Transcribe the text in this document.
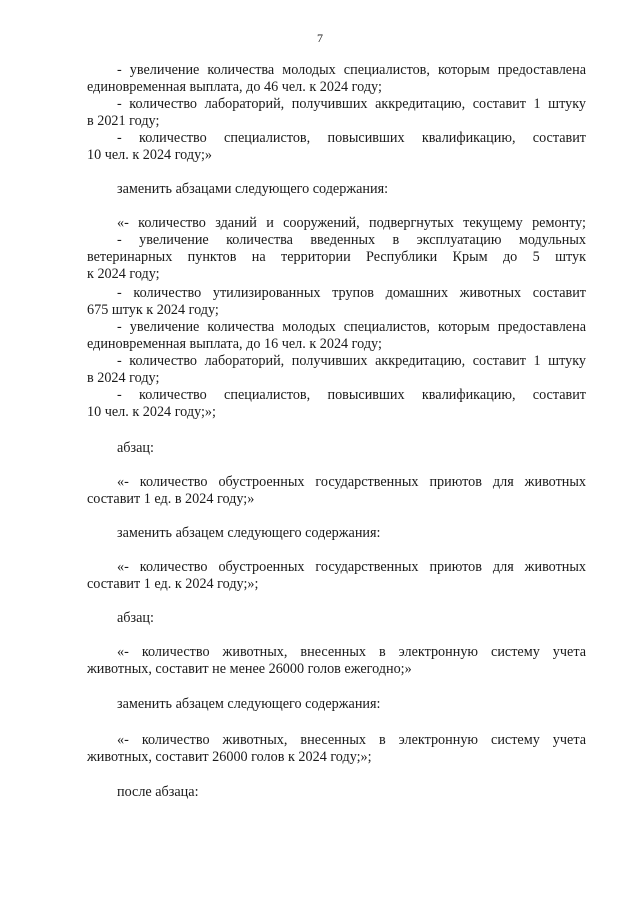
7
- увеличение количества молодых специалистов, которым предоставлена
единовременная выплата, до 46 чел. к 2024 году;
- количество лабораторий, получивших аккредитацию, составит 1 штуку
в 2021 году;
- количество специалистов, повысивших квалификацию, составит
10 чел. к 2024 году;»
заменить абзацами следующего содержания:
«- количество зданий и сооружений, подвергнутых текущему ремонту;
- увеличение количества введенных в эксплуатацию модульных
ветеринарных пунктов на территории Республики Крым до 5 штук
к 2024 году;
- количество утилизированных трупов домашних животных составит
675 штук к 2024 году;
- увеличение количества молодых специалистов, которым предоставлена
единовременная выплата, до 16 чел. к 2024 году;
- количество лабораторий, получивших аккредитацию, составит 1 штуку
в 2024 году;
- количество специалистов, повысивших квалификацию, составит
10 чел. к 2024 году;»;
абзац:
«- количество обустроенных государственных приютов для животных
составит 1 ед. в 2024 году;»
заменить абзацем следующего содержания:
«- количество обустроенных государственных приютов для животных
составит 1 ед. к 2024 году;»;
абзац:
«- количество животных, внесенных в электронную систему учета
животных, составит не менее 26000 голов ежегодно;»
заменить абзацем следующего содержания:
«- количество животных, внесенных в электронную систему учета
животных, составит 26000 голов к 2024 году;»;
после абзаца:
